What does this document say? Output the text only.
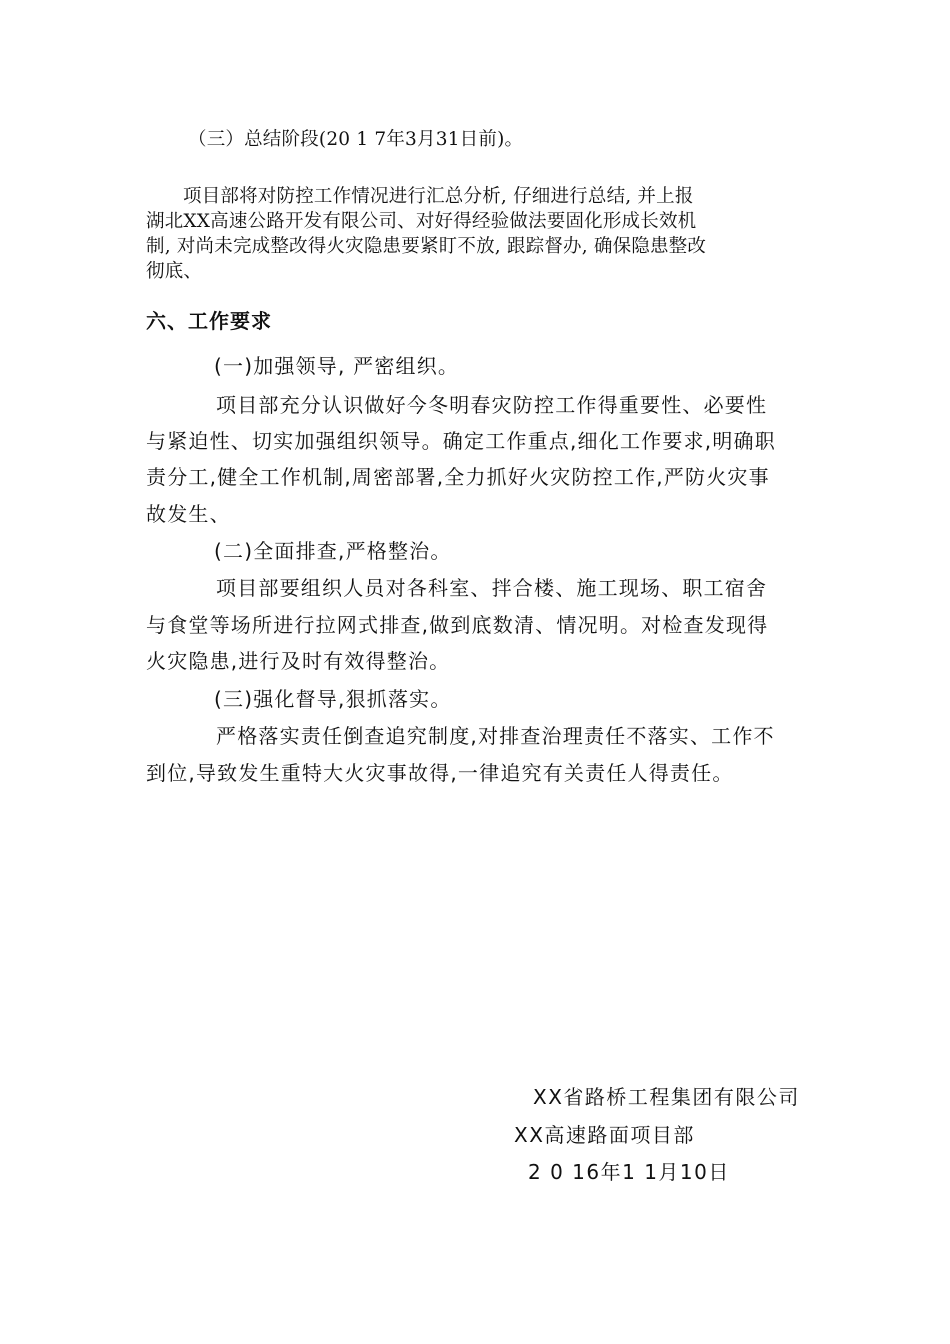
（三）总结阶段(20 1 7年3月31日前)。
项目部将对防控工作情况进行汇总分析, 仔细进行总结, 并上报
湖北XX高速公路开发有限公司、对好得经验做法要固化形成长效机
制, 对尚未完成整改得火灾隐患要紧盯不放, 跟踪督办, 确保隐患整改
彻底、
六、工作要求
(一)加强领导, 严密组织。
项目部充分认识做好今冬明春灾防控工作得重要性、必要性
与紧迫性、切实加强组织领导。确定工作重点,细化工作要求,明确职
责分工,健全工作机制,周密部署,全力抓好火灾防控工作,严防火灾事
故发生、
(二)全面排查,严格整治。
项目部要组织人员对各科室、拌合楼、施工现场、职工宿舍
与食堂等场所进行拉网式排查,做到底数清、情况明。对检查发现得
火灾隐患,进行及时有效得整治。
(三)强化督导,狠抓落实。
严格落实责任倒查追究制度,对排查治理责任不落实、工作不
到位,导致发生重特大火灾事故得,一律追究有关责任人得责任。
XX省路桥工程集团有限公司
XX高速路面项目部
2 0 16年1 1月10日
